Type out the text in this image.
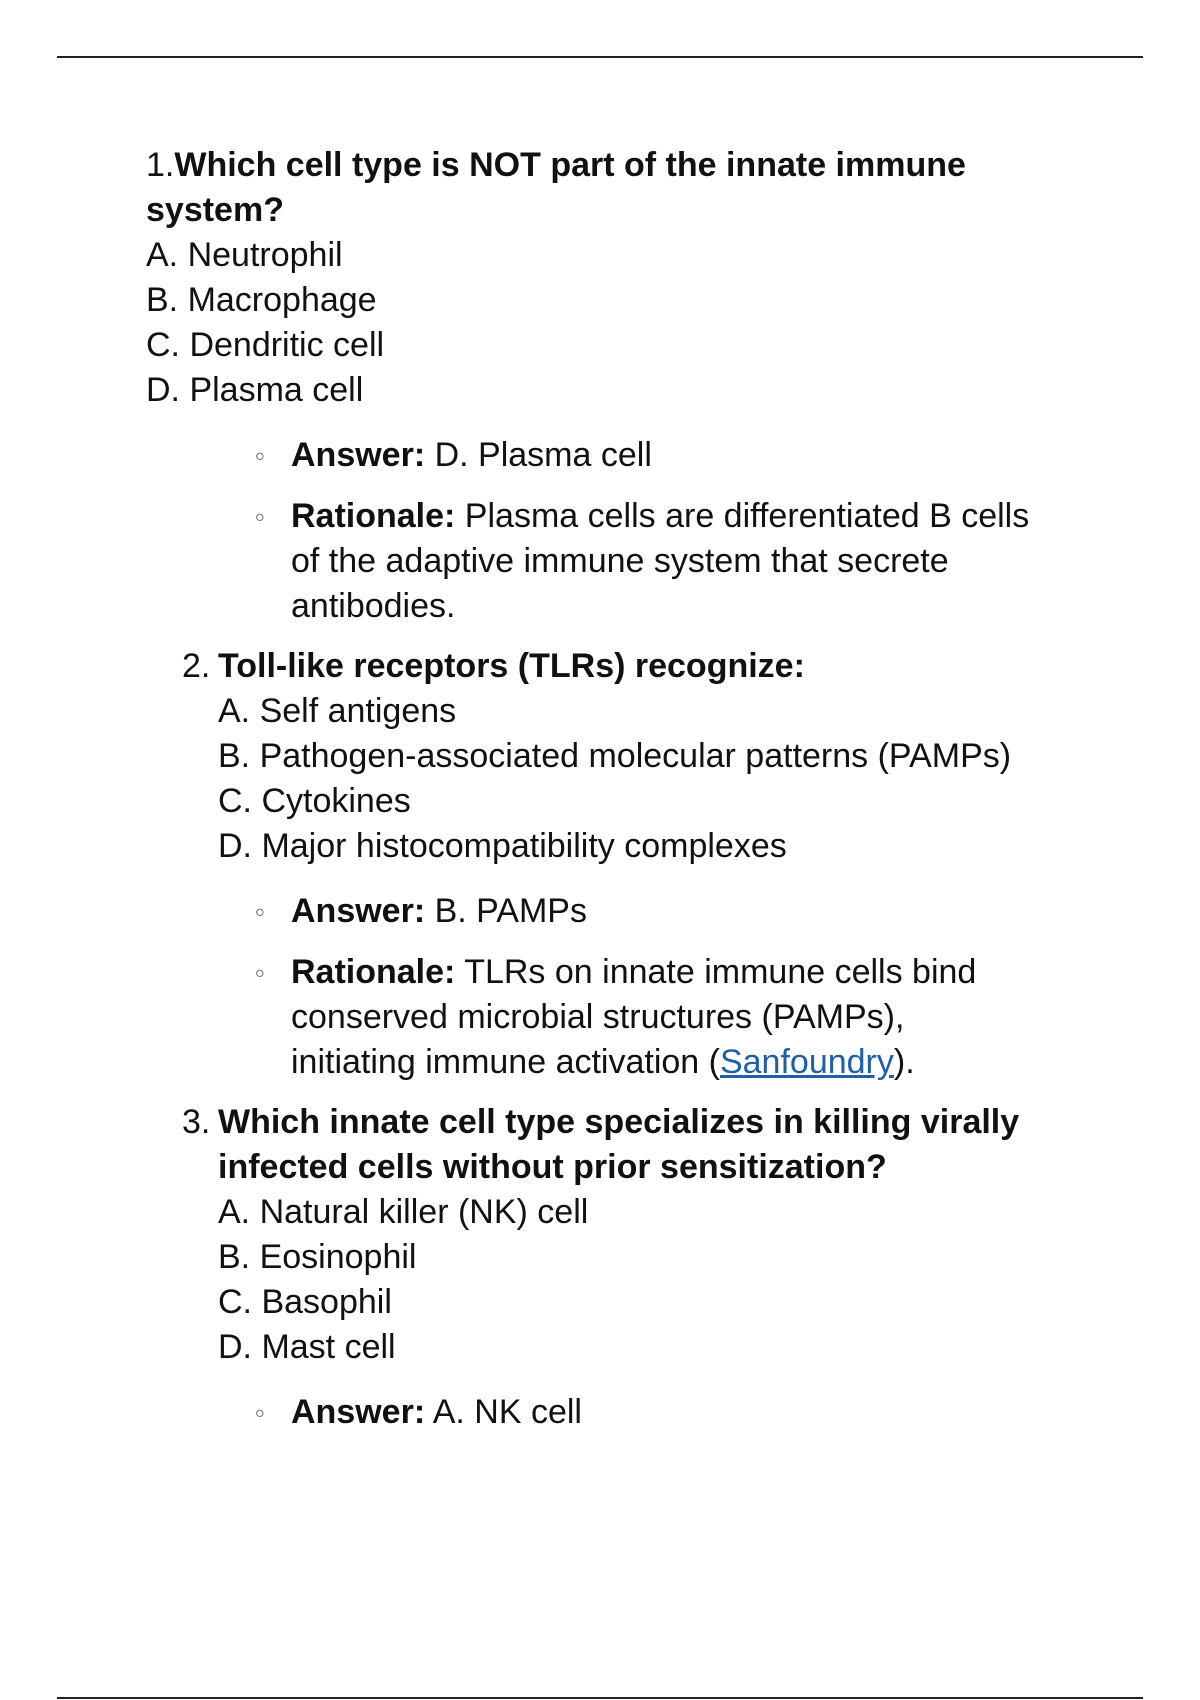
1.Which cell type is NOT part of the innate immune
system?
A. Neutrophil
B. Macrophage
C. Dendritic cell
D. Plasma cell
○ Answer: D. Plasma cell
○ Rationale: Plasma cells are differentiated B cells
of the adaptive immune system that secrete
antibodies.
2. Toll-like receptors (TLRs) recognize:
A. Self antigens
B. Pathogen-associated molecular patterns (PAMPs)
C. Cytokines
D. Major histocompatibility complexes
○ Answer: B. PAMPs
○ Rationale: TLRs on innate immune cells bind
conserved microbial structures (PAMPs),
initiating immune activation (Sanfoundry).
3. Which innate cell type specializes in killing virally
infected cells without prior sensitization?
A. Natural killer (NK) cell
B. Eosinophil
C. Basophil
D. Mast cell
○ Answer: A. NK cell
